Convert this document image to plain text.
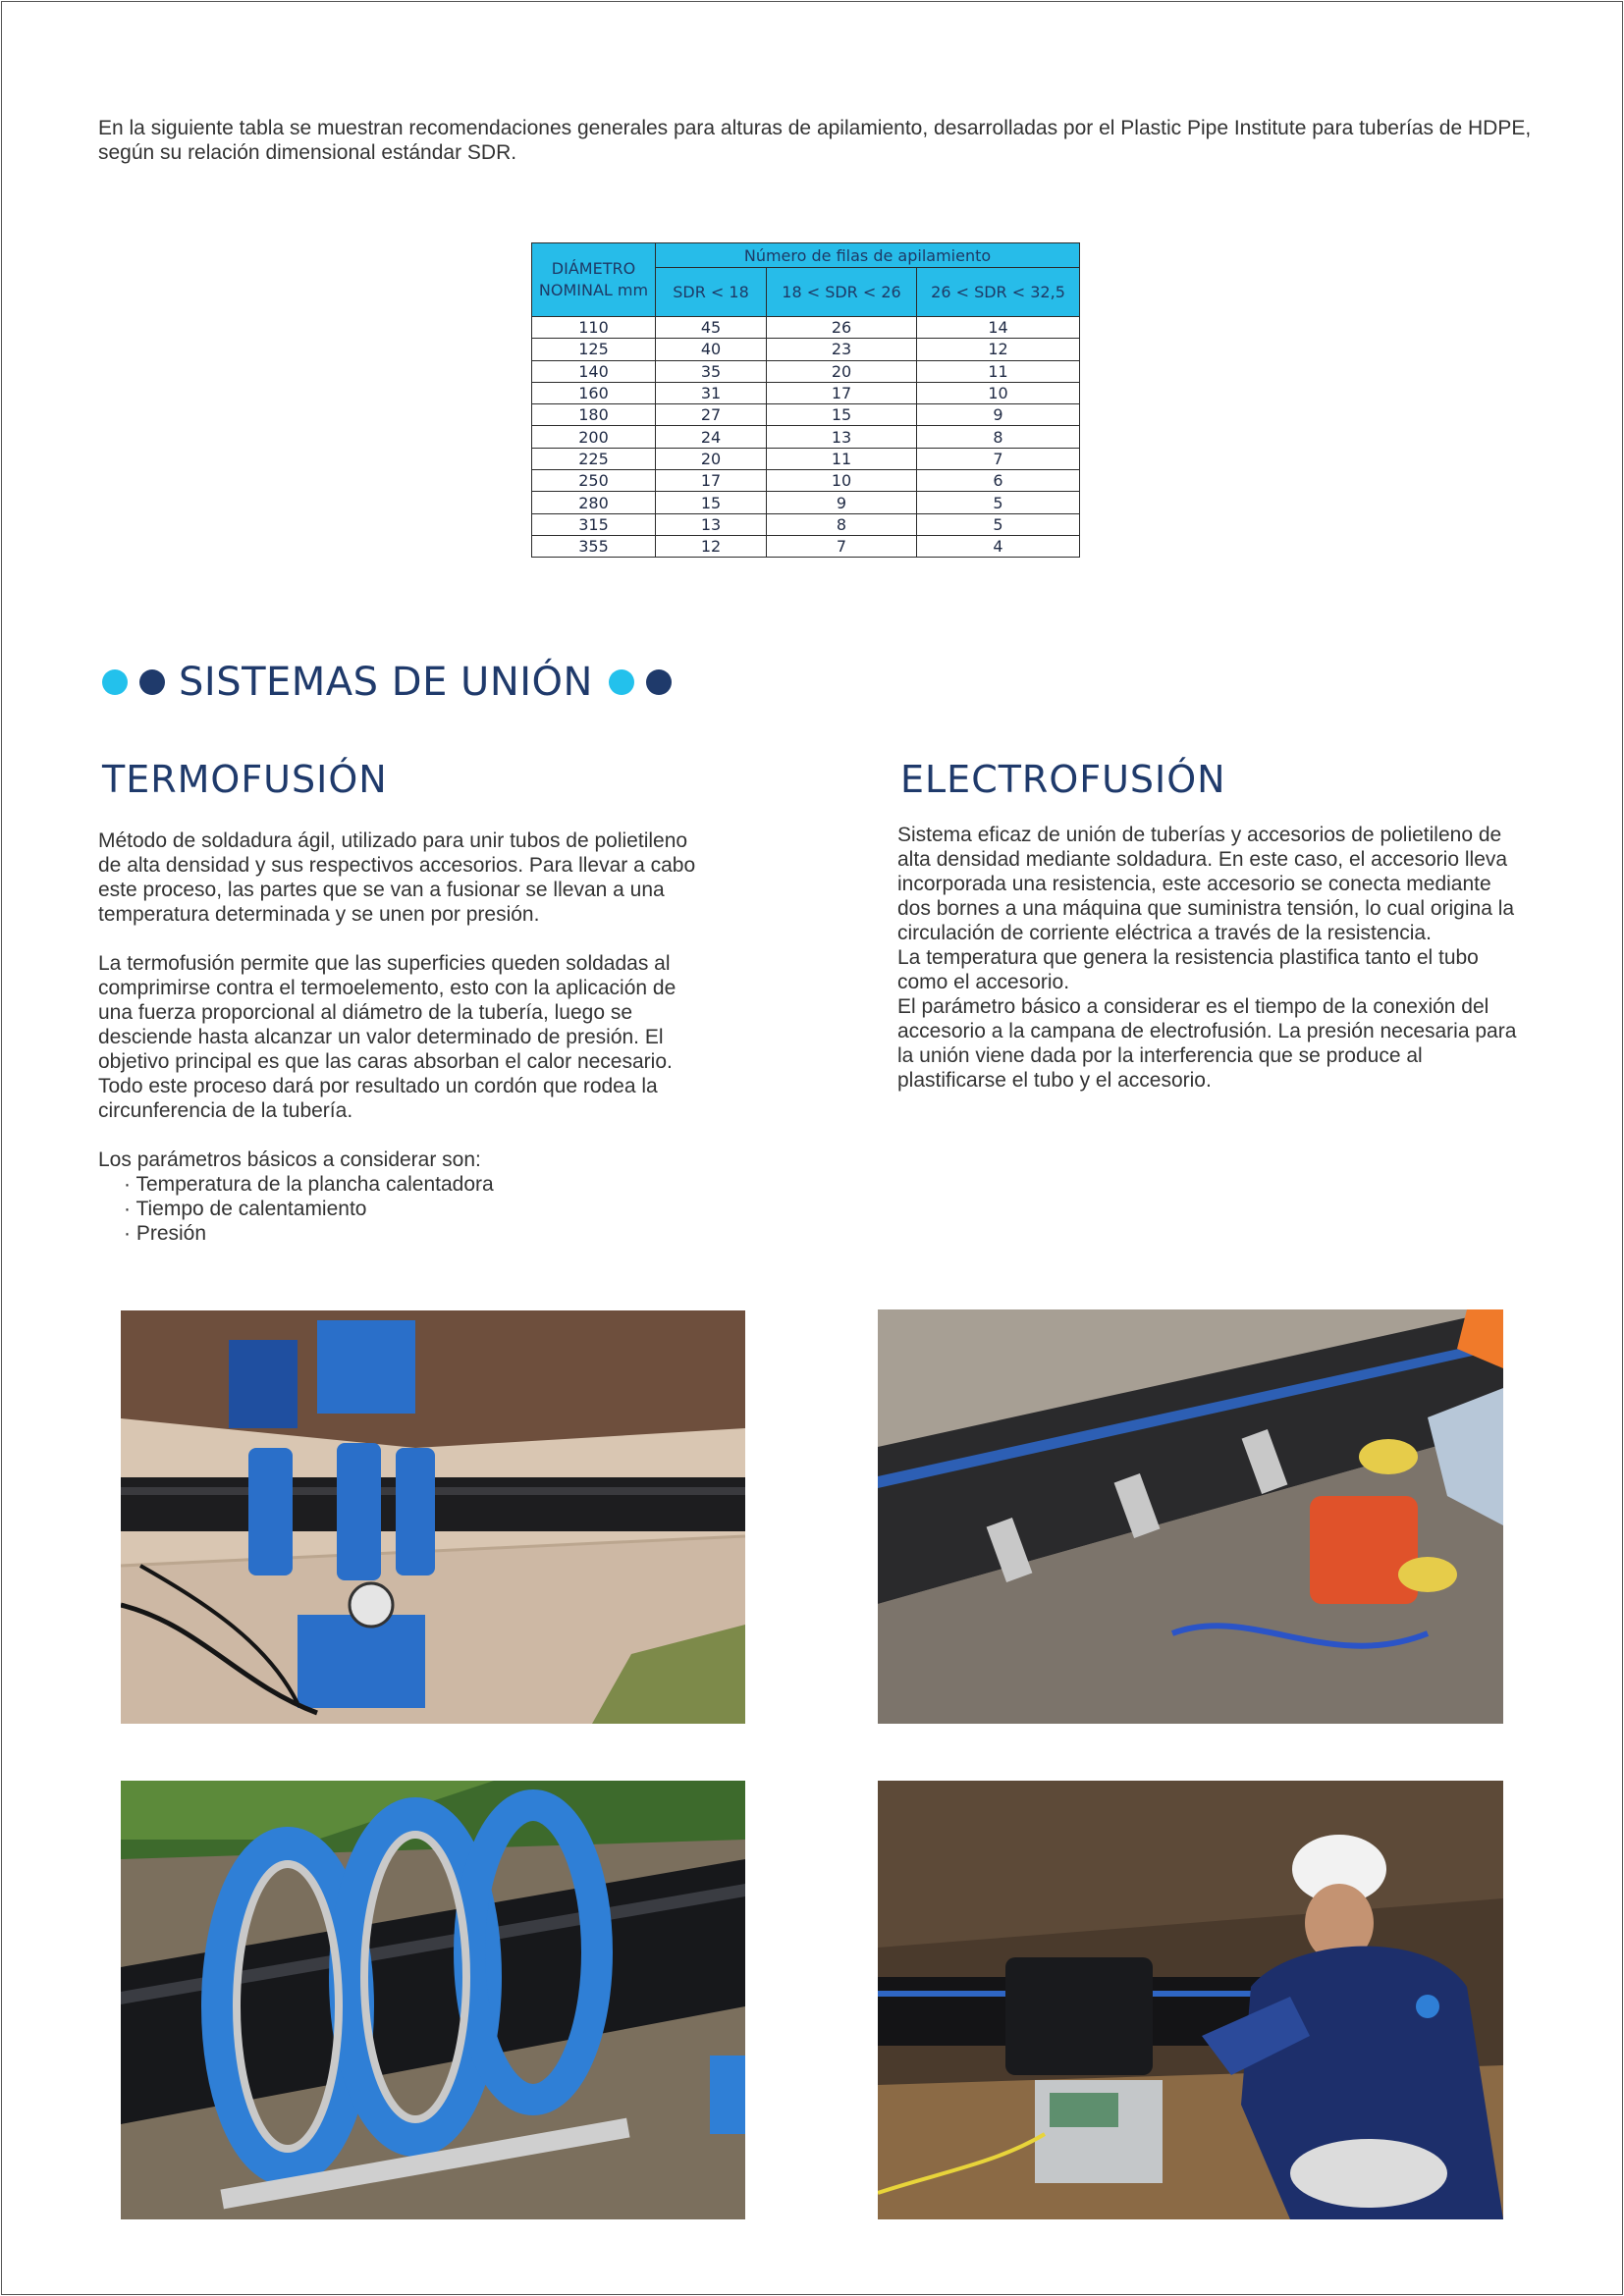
En la siguiente tabla se muestran recomendaciones generales para alturas de apilamiento, desarrolladas por el Plastic Pipe Institute para tuberías de HDPE, según su relación dimensional estándar SDR.

DIÁMETRO NOMINAL mm	Número de filas de apilamiento		
	SDR < 18	18 < SDR < 26	26 < SDR < 32,5
110	45	26	14
125	40	23	12
140	35	20	11
160	31	17	10
180	27	15	9
200	24	13	8
225	20	11	7
250	17	10	6
280	15	9	5
315	13	8	5
355	12	7	4
SISTEMAS DE UNIÓN
TERMOFUSIÓN

Método de soldadura ágil, utilizado para unir tubos de polietileno de alta densidad y sus respectivos accesorios. Para llevar a cabo este proceso, las partes que se van a fusionar se llevan a una temperatura determinada y se unen por presión.

La termofusión permite que las superficies queden soldadas al comprimirse contra el termoelemento, esto con la aplicación de una fuerza proporcional al diámetro de la tubería, luego se desciende hasta alcanzar un valor determinado de presión. El objetivo principal es que las caras absorban el calor necesario. Todo este proceso dará por resultado un cordón que rodea la circunferencia de la tubería.

Los parámetros básicos a considerar son:

· Temperatura de la plancha calentadora
· Tiempo de calentamiento
· Presión
ELECTROFUSIÓN

Sistema eficaz de unión de tuberías y accesorios de polietileno de alta densidad mediante soldadura. En este caso, el accesorio lleva incorporada una resistencia, este accesorio se conecta mediante dos bornes a una máquina que suministra tensión, lo cual origina la circulación de corriente eléctrica a través de la resistencia.

La temperatura que genera la resistencia plastifica tanto el tubo como el accesorio.

El parámetro básico a considerar es el tiempo de la conexión del accesorio a la campana de electrofusión. La presión necesaria para la unión viene dada por la interferencia que se produce al plastificarse el tubo y el accesorio.
